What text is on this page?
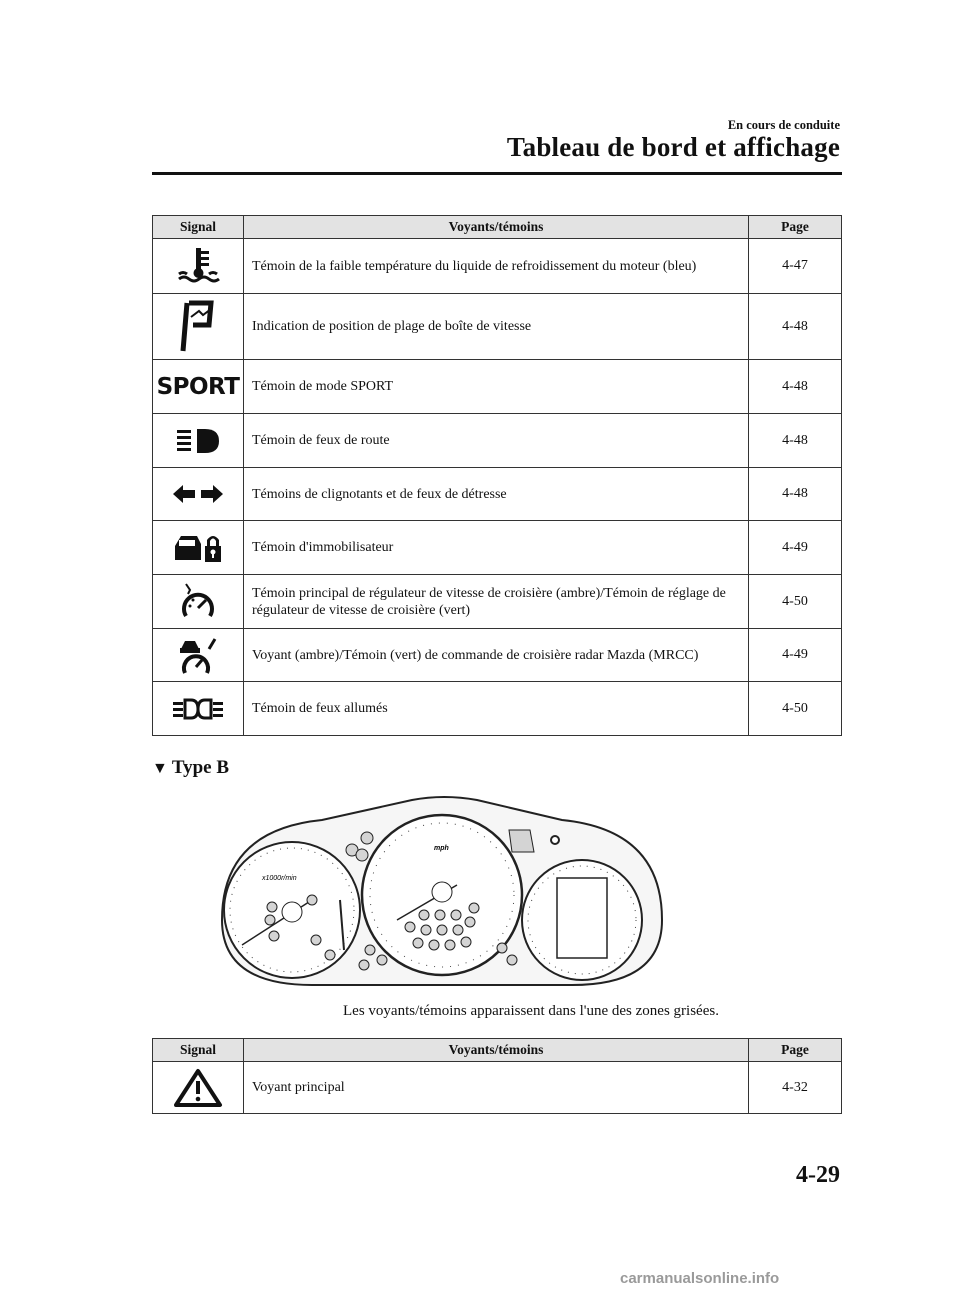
En cours de conduite
Tableau de bord et affichage
Signal	Voyants/témoins	Page

	Témoin de la faible température du liquide de refroidissement du moteur (bleu)	4-47

	Indication de position de plage de boîte de vitesse	4-48
SPORT	Témoin de mode SPORT	4-48

	Témoin de feux de route	4-48

	Témoins de clignotants et de feux de détresse	4-48

	Témoin d'immobilisateur	4-49

	Témoin principal de régulateur de vitesse de croisière (ambre)/Témoin de réglage de régulateur de vitesse de croisière (vert)	4-50

	Voyant (ambre)/Témoin (vert) de commande de croisière radar Mazda (MRCC)	4-49

	Témoin de feux allumés	4-50
▼ Type B
x1000r/min
mph
Les voyants/témoins apparaissent dans l'une des zones grisées.
Signal	Voyants/témoins	Page

	Voyant principal	4-32
4-29
carmanualsonline.info
